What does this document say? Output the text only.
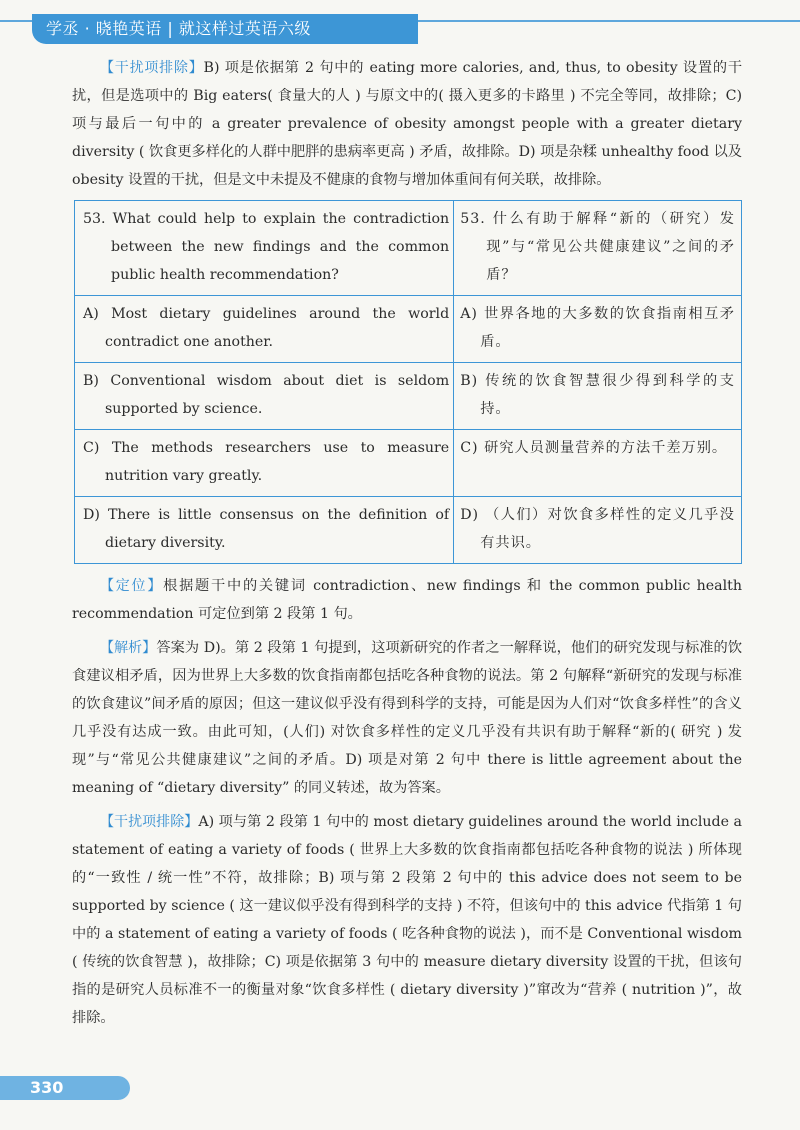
学丞 · 晓艳英语 | 就这样过英语六级

【干扰项排除】B) 项是依据第 2 句中的 eating more calories, and, thus, to obesity 设置的干扰，但是选项中的 Big eaters( 食量大的人 ) 与原文中的( 摄入更多的卡路里 ) 不完全等同，故排除；C) 项与最后一句中的 a greater prevalence of obesity amongst people with a greater dietary diversity ( 饮食更多样化的人群中肥胖的患病率更高 ) 矛盾，故排除。D) 项是杂糅 unhealthy food 以及 obesity 设置的干扰，但是文中未提及不健康的食物与增加体重间有何关联，故排除。

53. What could help to explain the contradiction between the new findings and the common public health recommendation?	53. 什么有助于解释“新的（研究）发现”与“常见公共健康建议”之间的矛盾？

A) Most dietary guidelines around the world contradict one another.	A) 世界各地的大多数的饮食指南相互矛盾。

B) Conventional wisdom about diet is seldom supported by science.	B) 传统的饮食智慧很少得到科学的支持。

C) The methods researchers use to measure nutrition vary greatly.	C) 研究人员测量营养的方法千差万别。

D) There is little consensus on the definition of dietary diversity.	D) （人们）对饮食多样性的定义几乎没有共识。

【定位】根据题干中的关键词 contradiction、new findings 和 the common public health recommendation 可定位到第 2 段第 1 句。

【解析】答案为 D)。第 2 段第 1 句提到，这项新研究的作者之一解释说，他们的研究发现与标准的饮食建议相矛盾，因为世界上大多数的饮食指南都包括吃各种食物的说法。第 2 句解释“新研究的发现与标准的饮食建议”间矛盾的原因；但这一建议似乎没有得到科学的支持，可能是因为人们对“饮食多样性”的含义几乎没有达成一致。由此可知，(人们) 对饮食多样性的定义几乎没有共识有助于解释“新的( 研究 ) 发现”与“常见公共健康建议”之间的矛盾。D) 项是对第 2 句中 there is little agreement about the meaning of “dietary diversity” 的同义转述，故为答案。

【干扰项排除】A) 项与第 2 段第 1 句中的 most dietary guidelines around the world include a statement of eating a variety of foods ( 世界上大多数的饮食指南都包括吃各种食物的说法 ) 所体现的“一致性 / 统一性”不符，故排除；B) 项与第 2 段第 2 句中的 this advice does not seem to be supported by science ( 这一建议似乎没有得到科学的支持 ) 不符，但该句中的 this advice 代指第 1 句中的 a statement of eating a variety of foods ( 吃各种食物的说法 )，而不是 Conventional wisdom ( 传统的饮食智慧 )，故排除；C) 项是依据第 3 句中的 measure dietary diversity 设置的干扰，但该句指的是研究人员标准不一的衡量对象“饮食多样性 ( dietary diversity )”窜改为“营养 ( nutrition )”，故排除。

330
